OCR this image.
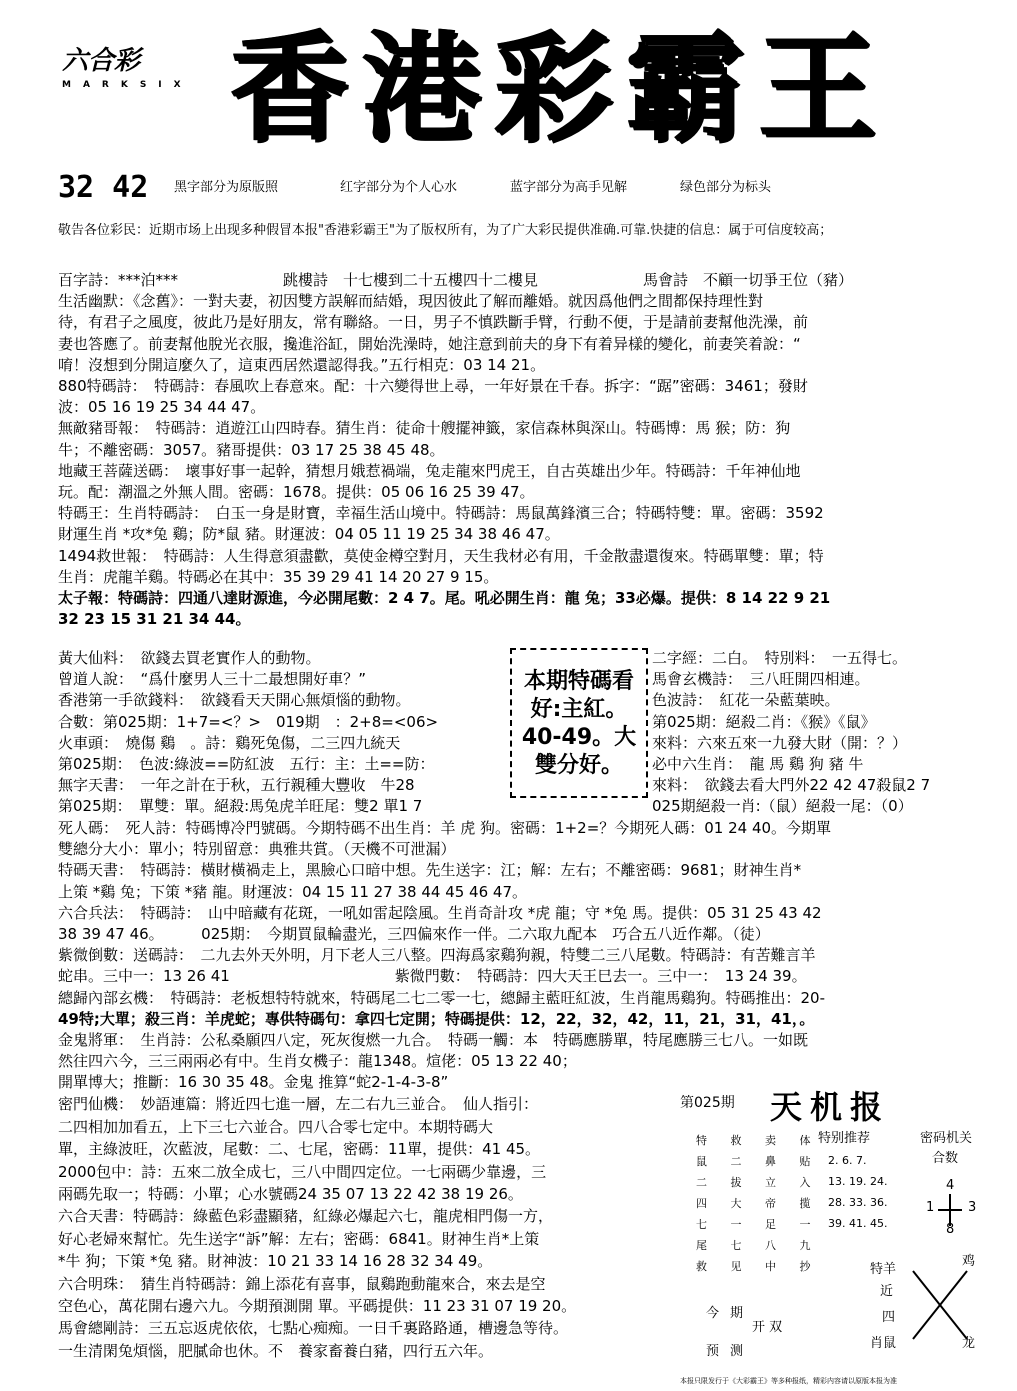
六合彩
MARKSIX 香港彩霸王
32 42 黑字部分为原版照	红字部分为个人心水	蓝字部分为高手见解	绿色部分为标头
敬告各位彩民：近期市场上出现多种假冒本报"香港彩霸王"为了版权所有，为了广大彩民提供准确.可靠.快捷的信息：属于可信度较高；
百字詩：***泊***　　　　　　　跳樓詩　十七樓到二十五樓四十二樓見　　　　　　　馬會詩　不顧一切爭王位（豬）
生活幽默：《念舊》：一對夫妻，初因雙方誤解而結婚，現因彼此了解而離婚。就因爲他們之間都保持理性對
待，有君子之風度，彼此乃是好朋友，常有聯絡。一日，男子不慎跌斷手臂，行動不便，于是請前妻幫他洗澡，前
妻也答應了。前妻幫他脫光衣服，攙進浴缸，開始洗澡時，她注意到前夫的身下有着异樣的變化，前妻笑着說：“
唷！沒想到分開這麼久了，這東西居然還認得我。”五行相克：03 14 21。
880特碼詩：　特碼詩：春風吹上春意來。配：十六變得世上尋，一年好景在千春。拆字：“踞”密碼：3461；發財
波：05 16 19 25 34 44 47。
無敵豬哥報：　特碼詩：逍遊江山四時春。猜生肖：徒命十艘擺神籤，家信森林與深山。特碼博：馬 猴；防：狗
牛；不離密碼：3057。豬哥提供：03 17 25 38 45 48。
地藏王菩薩送碼：　壞事好事一起幹，猜想月娥惹禍端，兔走龍來門虎王，自古英雄出少年。特碼詩：千年神仙地
玩。配：潮溫之外無人間。密碼：1678。提供：05 06 16 25 39 47。
特碼王：生肖特碼詩：　白玉一身是財寶，幸福生活山境中。特碼詩：馬鼠萬鋒濱三合；特碼特雙：單。密碼：3592
財運生肖 *攻*兔 鷄；防*鼠 豬。財運波：04 05 11 19 25 34 38 46 47。
1494救世報：　特碼詩：人生得意須盡歡，莫使金樽空對月，天生我材必有用，千金散盡還復來。特碼單雙：單；特
生肖：虎龍羊鷄。特碼必在其中：35 39 29 41 14 20 27 9 15。
太子報：特碼詩：四通八達財源進，今必開尾數：2 4 7。尾。吼必開生肖：龍 兔；33必爆。提供：8 14 22 9 21
32 23 15 31 21 34 44。
黃大仙料：　欲錢去買老實作人的動物。
曾道人說：　“爲什麼男人三十二最想開好車？”
香港第一手欲錢料：　欲錢看天天開心無煩惱的動物。
合數：第025期：1+7=<？>　019期　：2+8=<06>
火車頭：　燒傷 鷄　。詩：鷄死兔傷，二三四九統天
第025期：　色波:綠波==防紅波　五行：主：土==防：
無字天書：　一年之計在于秋，五行親種大豐收　牛28
第025期：　單雙：單。絕殺:馬兔虎羊旺尾：雙2 單1 7
本期特碼看
好:主紅。
40-49。大
雙分好。
二字經：二白。　特別料：　一五得七。
馬會玄機詩：　三八旺開四相連。
色波詩：　紅花一朵藍葉映。
第025期：絕殺二肖：《猴》《鼠》
來料：六來五來一九發大財（開：？）
必中六生肖：　龍 馬 鷄 狗 豬 牛
來料：　欲錢去看大門外22 42 47殺鼠2 7
025期絕殺一肖:（鼠）絕殺一尾：（0）
死人碼：　死人詩：特碼博冷門號碼。今期特碼不出生肖：羊 虎 狗。密碼：1+2=？今期死人碼：01 24 40。今期單
雙總分大小：單小；特別留意：典雅共賞。（天機不可泄漏）
特碼天書：　特碼詩：橫財橫禍走上，黑臉心口暗中想。先生送字：江；解：左右；不離密碼：9681；財神生肖*
上策 *鷄 兔；下策 *豬 龍。財運波：04 15 11 27 38 44 45 46 47。
六合兵法：　特碼詩：　山中暗藏有花斑，一吼如雷起陰風。生肖奇計攻 *虎 龍；守 *兔 馬。提供：05 31 25 43 42
38 39 47 46。　　　025期：　今期買鼠輪盡光，三四偏來作一伴。二六取九配本　巧合五八近作鄰。（徒）
紫微倒數：送碼詩：　二九去外天外明，月下老人三八整。四海爲家鷄狗親，特雙二三八尾數。特碼詩：有苦難言羊
蛇串。三中一：13 26 41　　　　　　　　　　　紫微門數：　特碼詩：四大天王巳去一。三中一：　13 24 39。
總歸內部玄機：　特碼詩：老板想特特就來，特碼尾二七二零一七，總歸主藍旺紅波，生肖龍馬鷄狗。特碼推出：20-
49特;大單；殺三肖：羊虎蛇；專供特碼句：拿四七定開；特碼提供：12，22，32，42，11，21，31，41，。
金鬼將軍：　生肖詩：公私桑願四八定，死灰復燃一九合。　特碼一觸：本　特碼應勝單，特尾應勝三七八。一如既
然往四六今，三三兩兩必有中。生肖女機子：龍1348。煊佬：05 13 22 40；
開單博大；推斷：16 30 35 48。金鬼 推算“蛇2-1-4-3-8”
密門仙機：　妙語連篇：將近四七進一層，左二右九三並合。　仙人指引：
二四相加加看五，上下三七六並合。四八合零七定中。本期特碼大
單，主綠波旺，次藍波，尾數：二、七尾，密碼：11單，提供：41 45。
2000包中：詩：五來二放全成七，三八中間四定位。一七兩碼少靠邊，三
兩碼先取一；特碼：小單；心水號碼24 35 07 13 22 42 38 19 26。
六合天書：特碼詩：綠藍色彩盡顯豬，紅綠必爆起六七，龍虎相門傷一方，
好心老婦來幫忙。先生送字“訴”解：左右；密碼：6841。財神生肖*上策
*牛 狗；下策 *兔 豬。財神波：10 21 33 14 16 28 32 34 49。
六合明珠：　猜生肖特碼詩：錦上添花有喜事，鼠鷄跑動龍來合，來去是空
空色心，萬花開右邊六九。今期預測開 單。平碼提供：11 23 31 07 19 20。
馬會總剛詩：三五忘返虎依依，七點心痴痴。一日千裏路路通，槽邊急等待。
一生清閑兔煩惱，肥膩命也休。不　養家畜養白豬，四行五六年。
第025期 天机报
特 救 卖 体
鼠 二 鼻 贴
二 拔 立 入
四 大 帝 揽
七 一 足 一
尾 七 八 九
救 见 中 抄
特别推荐
2. 6. 7.
13. 19. 24.
28. 33. 36.
39. 41. 45.
密码机关
合数
4
1	3
8
特羊
鸡
近
四
肖鼠	龙
今 期
开 双
预 测
本报只限发行于《大彩霸王》等多种报纸，精彩内容请以原版本报为准
